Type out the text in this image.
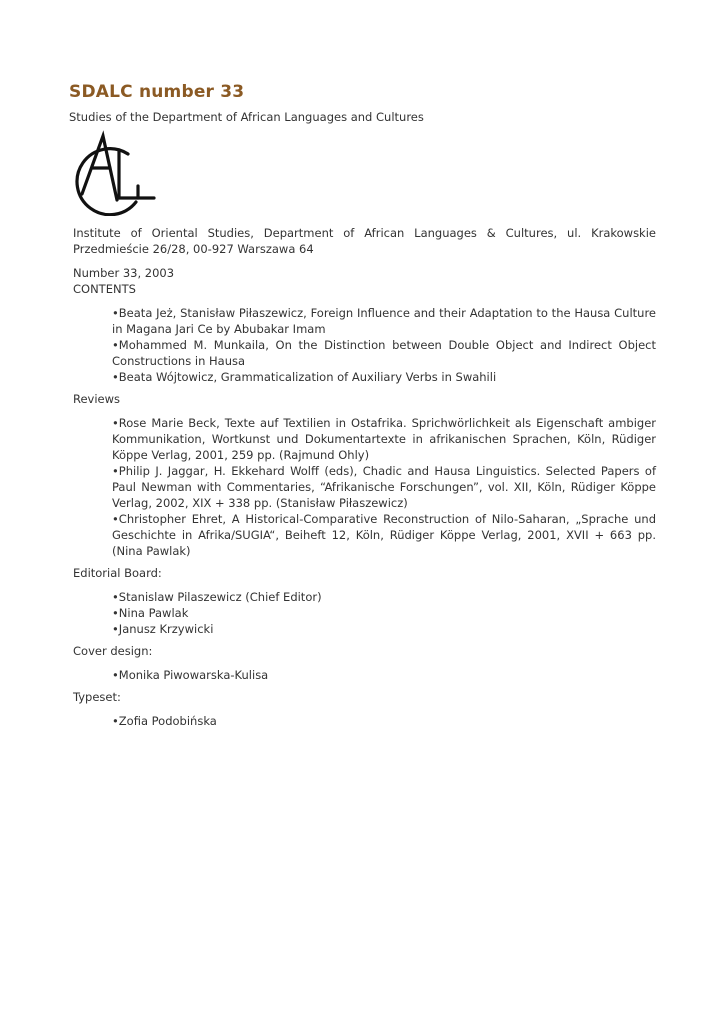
SDALC number 33
Studies of the Department of African Languages and Cultures

Institute of Oriental Studies, Department of African Languages & Cultures, ul. Krakowskie Przedmieście 26/28, 00-927 Warszawa 64

Number 33, 2003
CONTENTS
• Beata Jeż, Stanisław Piłaszewicz, Foreign Influence and their Adaptation to the Hausa Culture in Magana Jari Ce by Abubakar Imam
• Mohammed M. Munkaila, On the Distinction between Double Object and Indirect Object Constructions in Hausa
• Beata Wójtowicz, Grammaticalization of Auxiliary Verbs in Swahili
Reviews
• Rose Marie Beck, Texte auf Textilien in Ostafrika. Sprichwörlichkeit als Eigenschaft ambiger Kommunikation, Wortkunst und Dokumentartexte in afrikanischen Sprachen, Köln, Rüdiger Köppe Verlag, 2001, 259 pp. (Rajmund Ohly)
• Philip J. Jaggar, H. Ekkehard Wolff (eds), Chadic and Hausa Linguistics. Selected Papers of Paul Newman with Commentaries, “Afrikanische Forschungen”, vol. XII, Köln, Rüdiger Köppe Verlag, 2002, XIX + 338 pp. (Stanisław Piłaszewicz)
• Christopher Ehret, A Historical-Comparative Reconstruction of Nilo-Saharan, „Sprache und Geschichte in Afrika/SUGIA“, Beiheft 12, Köln, Rüdiger Köppe Verlag, 2001, XVII + 663 pp. (Nina Pawlak)
Editorial Board:
• Stanislaw Pilaszewicz (Chief Editor)
• Nina Pawlak
• Janusz Krzywicki
Cover design:
• Monika Piwowarska-Kulisa
Typeset:
• Zofia Podobińska
